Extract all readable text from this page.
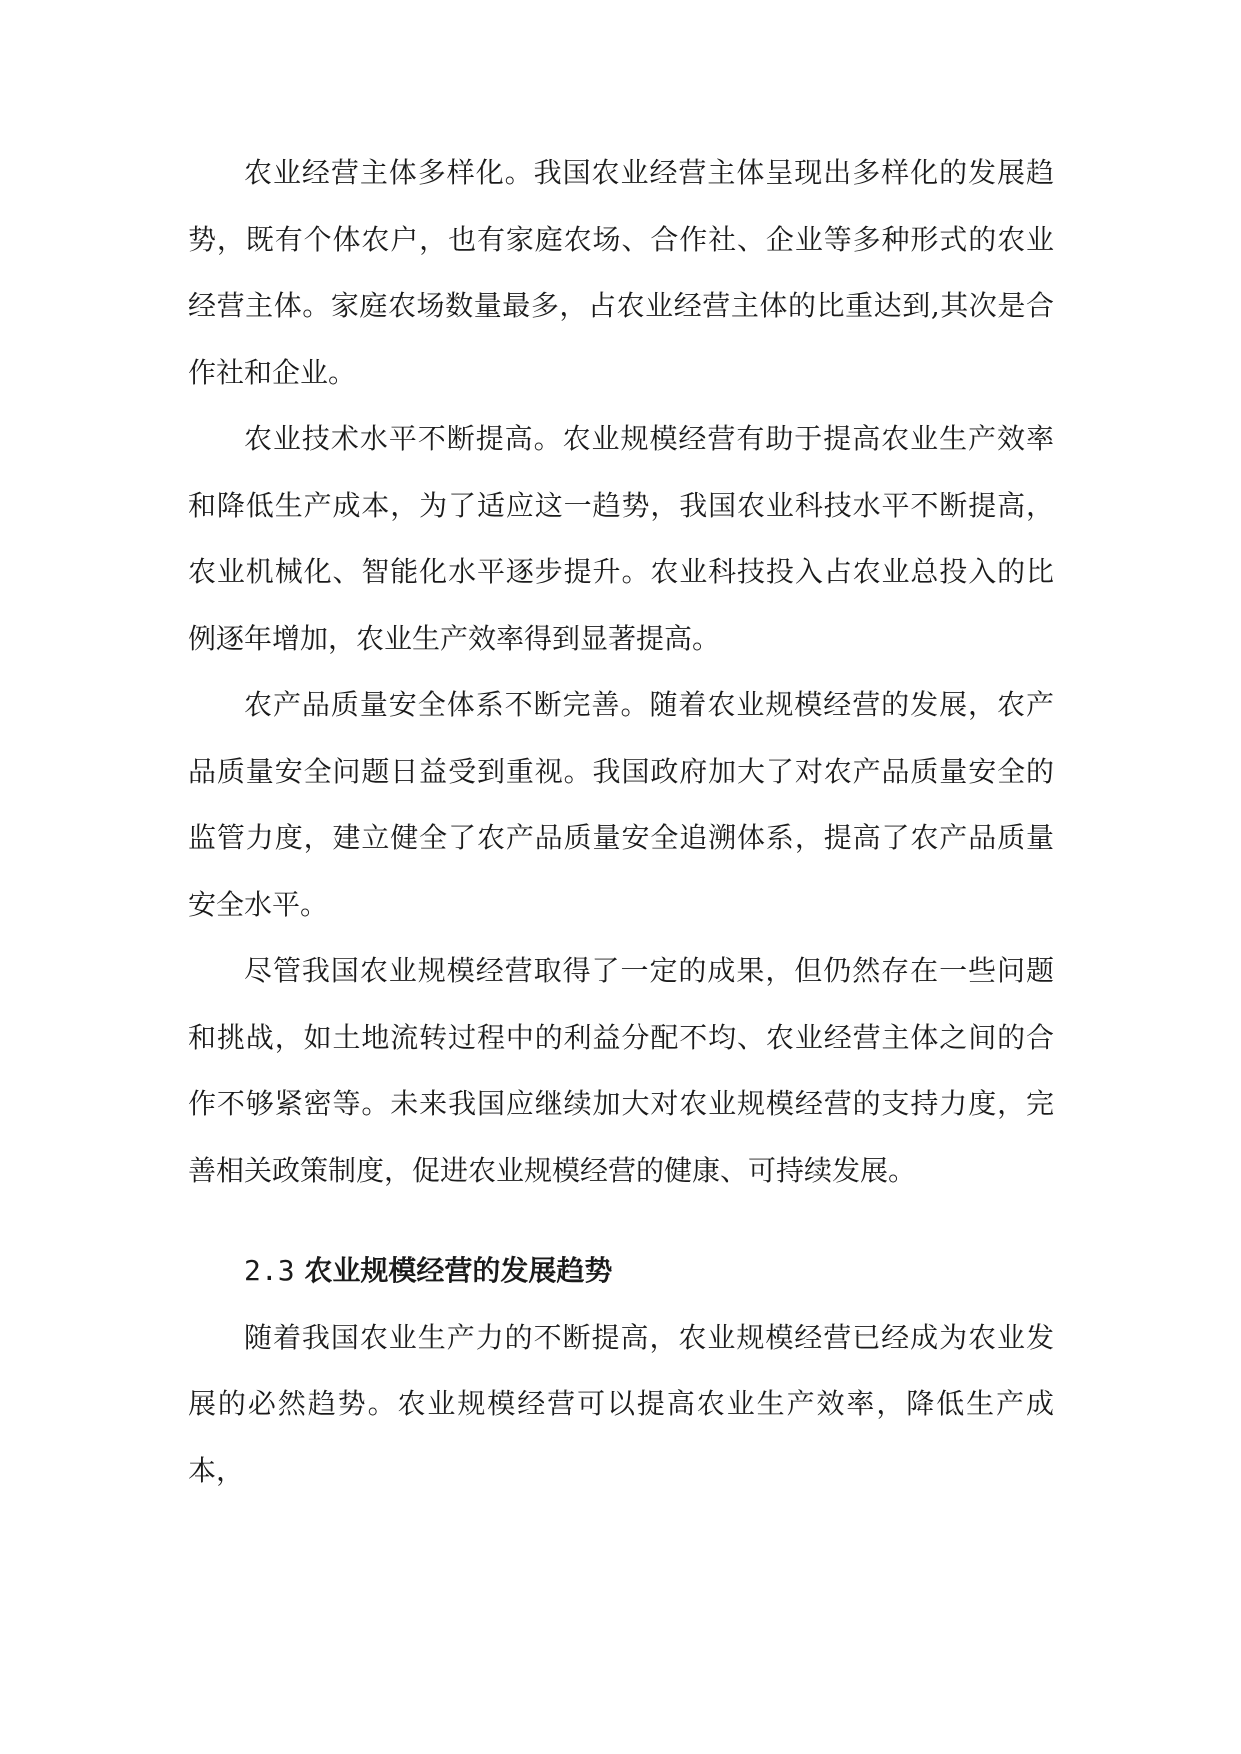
农业经营主体多样化。我国农业经营主体呈现出多样化的发展趋势，既有个体农户，也有家庭农场、合作社、企业等多种形式的农业经营主体。家庭农场数量最多，占农业经营主体的比重达到,其次是合作社和企业。

农业技术水平不断提高。农业规模经营有助于提高农业生产效率和降低生产成本，为了适应这一趋势，我国农业科技水平不断提高，农业机械化、智能化水平逐步提升。农业科技投入占农业总投入的比例逐年增加，农业生产效率得到显著提高。

农产品质量安全体系不断完善。随着农业规模经营的发展，农产品质量安全问题日益受到重视。我国政府加大了对农产品质量安全的监管力度，建立健全了农产品质量安全追溯体系，提高了农产品质量安全水平。

尽管我国农业规模经营取得了一定的成果，但仍然存在一些问题和挑战，如土地流转过程中的利益分配不均、农业经营主体之间的合作不够紧密等。未来我国应继续加大对农业规模经营的支持力度，完善相关政策制度，促进农业规模经营的健康、可持续发展。

2.3 农业规模经营的发展趋势

随着我国农业生产力的不断提高，农业规模经营已经成为农业发展的必然趋势。农业规模经营可以提高农业生产效率，降低生产成本，
